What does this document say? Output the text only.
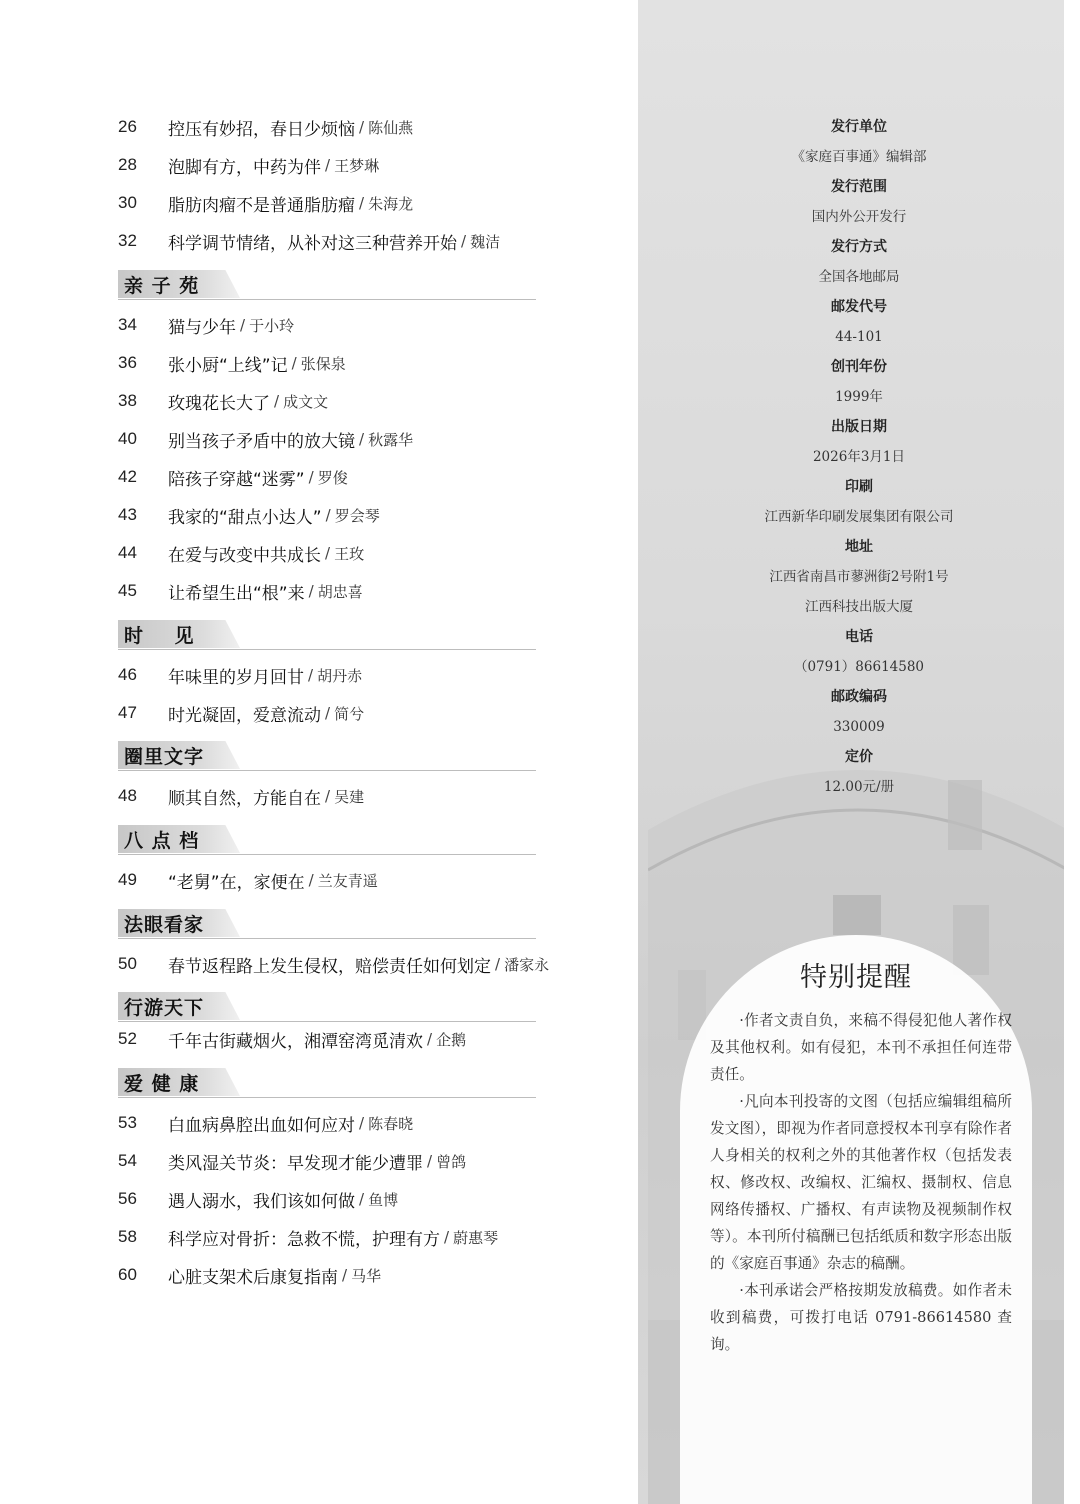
26	控压有妙招，春日少烦恼 / 陈仙燕
28	泡脚有方，中药为伴 / 王梦琳
30	脂肪肉瘤不是普通脂肪瘤 / 朱海龙
32	科学调节情绪，从补对这三种营养开始 / 魏洁
亲 子 苑
34	猫与少年 / 于小玲
36	张小厨“上线”记 / 张保泉
38	玫瑰花长大了 / 成文文
40	别当孩子矛盾中的放大镜 / 秋露华
42	陪孩子穿越“迷雾” / 罗俊
43	我家的“甜点小达人” / 罗会琴
44	在爱与改变中共成长 / 王玫
45	让希望生出“根”来 / 胡忠喜
时    见
46	年味里的岁月回甘 / 胡丹赤
47	时光凝固，爱意流动 / 简兮
圈里文字
48	顺其自然，方能自在 / 吴建
八 点 档
49	“老舅”在，家便在 / 兰友青遥
法眼看家
50	春节返程路上发生侵权，赔偿责任如何划定 / 潘家永
行游天下
52	千年古街藏烟火，湘潭窑湾觅清欢 / 企鹅
爱 健 康
53	白血病鼻腔出血如何应对 / 陈春晓
54	类风湿关节炎：早发现才能少遭罪 / 曾鸽
56	遇人溺水，我们该如何做 / 鱼博
58	科学应对骨折：急救不慌，护理有方 / 蔚惠琴
60	心脏支架术后康复指南 / 马华
发行单位
《家庭百事通》编辑部
发行范围
国内外公开发行
发行方式
全国各地邮局
邮发代号
44-101
创刊年份
1999年
出版日期
2026年3月1日
印刷
江西新华印刷发展集团有限公司
地址
江西省南昌市蓼洲街2号附1号
江西科技出版大厦
电话
（0791）86614580
邮政编码
330009
定价
12.00元/册
特别提醒

·作者文责自负，来稿不得侵犯他人著作权及其他权利。如有侵犯，本刊不承担任何连带责任。

·凡向本刊投寄的文图（包括应编辑组稿所发文图），即视为作者同意授权本刊享有除作者人身相关的权利之外的其他著作权（包括发表权、修改权、改编权、汇编权、摄制权、信息网络传播权、广播权、有声读物及视频制作权等）。本刊所付稿酬已包括纸质和数字形态出版的《家庭百事通》杂志的稿酬。

·本刊承诺会严格按期发放稿费。如作者未收到稿费，可拨打电话 0791-86614580 查询。
